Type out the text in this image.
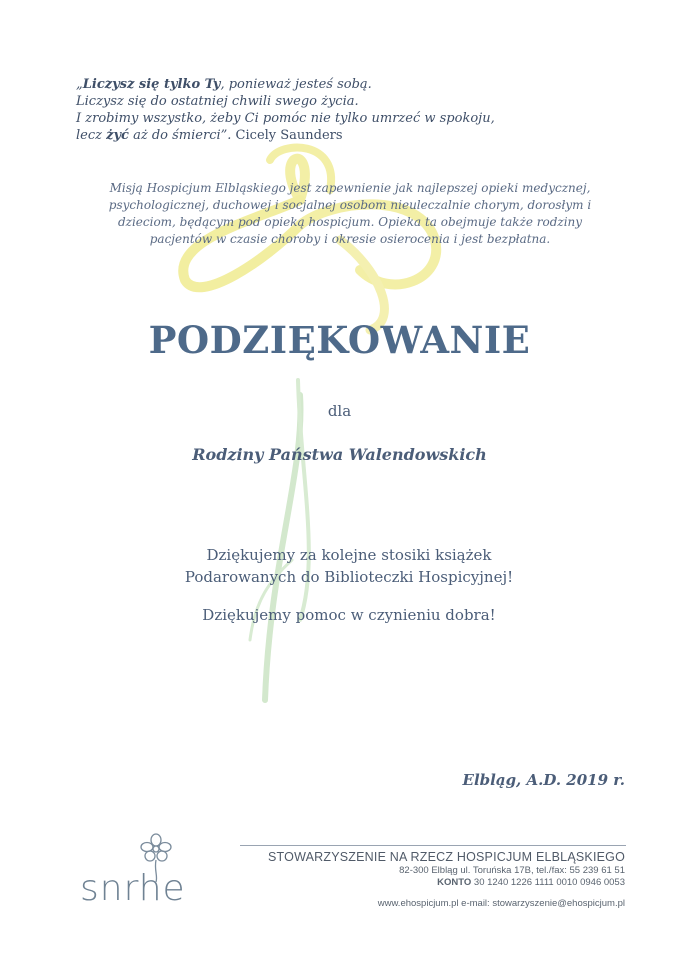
„Liczysz się tylko Ty, ponieważ jesteś sobą.
Liczysz się do ostatniej chwili swego życia.
I zrobimy wszystko, żeby Ci pomóc nie tylko umrzeć w spokoju,
lecz żyć aż do śmierci”. Cicely Saunders
Misją Hospicjum Elbląskiego jest zapewnienie jak najlepszej opieki medycznej,
psychologicznej, duchowej i socjalnej osobom nieuleczalnie chorym, dorosłym i
dzieciom, będącym pod opieką hospicjum. Opieka ta obejmuje także rodziny
pacjentów w czasie choroby i okresie osierocenia i jest bezpłatna.
PODZIĘKOWANIE
dla
Rodziny Państwa Walendowskich
Dziękujemy za kolejne stosiki książek
Podarowanych do Biblioteczki Hospicyjnej!
Dziękujemy pomoc w czynieniu dobra!
Elbląg, A.D. 2019 r.
snrhe
STOWARZYSZENIE NA RZECZ HOSPICJUM ELBLĄSKIEGO
82-300 Elbląg ul. Toruńska 17B, tel./fax: 55 239 61 51
KONTO 30 1240 1226 1111 0010 0946 0053
www.ehospicjum.pl e-mail: stowarzyszenie@ehospicjum.pl
